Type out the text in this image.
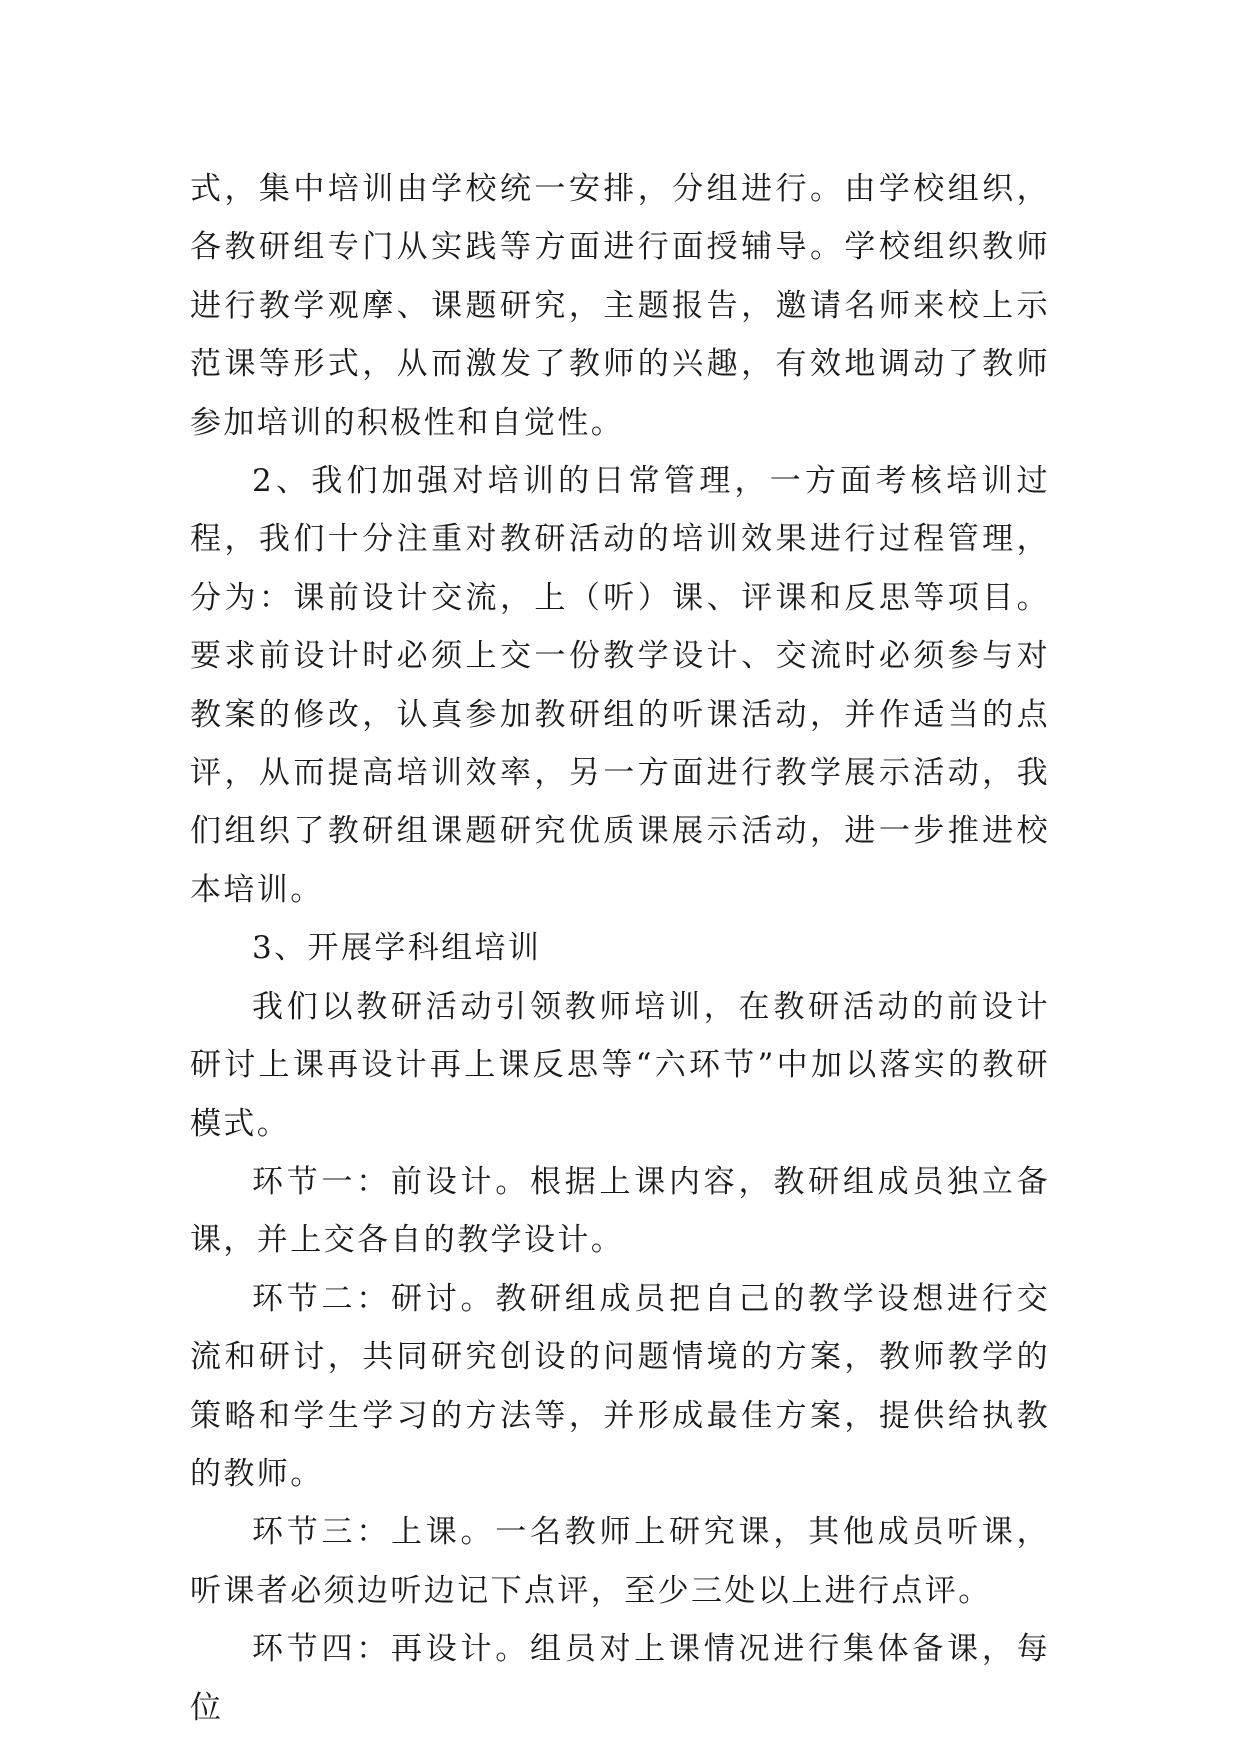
式，集中培训由学校统一安排，分组进行。由学校组织，各教研组专门从实践等方面进行面授辅导。学校组织教师进行教学观摩、课题研究，主题报告，邀请名师来校上示范课等形式，从而激发了教师的兴趣，有效地调动了教师参加培训的积极性和自觉性。

2、我们加强对培训的日常管理，一方面考核培训过程，我们十分注重对教研活动的培训效果进行过程管理，分为：课前设计交流，上（听）课、评课和反思等项目。要求前设计时必须上交一份教学设计、交流时必须参与对教案的修改，认真参加教研组的听课活动，并作适当的点评，从而提高培训效率，另一方面进行教学展示活动，我们组织了教研组课题研究优质课展示活动，进一步推进校本培训。

3、开展学科组培训

我们以教研活动引领教师培训，在教研活动的前设计研讨上课再设计再上课反思等“六环节”中加以落实的教研模式。

环节一：前设计。根据上课内容，教研组成员独立备课，并上交各自的教学设计。

环节二：研讨。教研组成员把自己的教学设想进行交流和研讨，共同研究创设的问题情境的方案，教师教学的策略和学生学习的方法等，并形成最佳方案，提供给执教的教师。

环节三：上课。一名教师上研究课，其他成员听课，听课者必须边听边记下点评，至少三处以上进行点评。

环节四：再设计。组员对上课情况进行集体备课，每位
